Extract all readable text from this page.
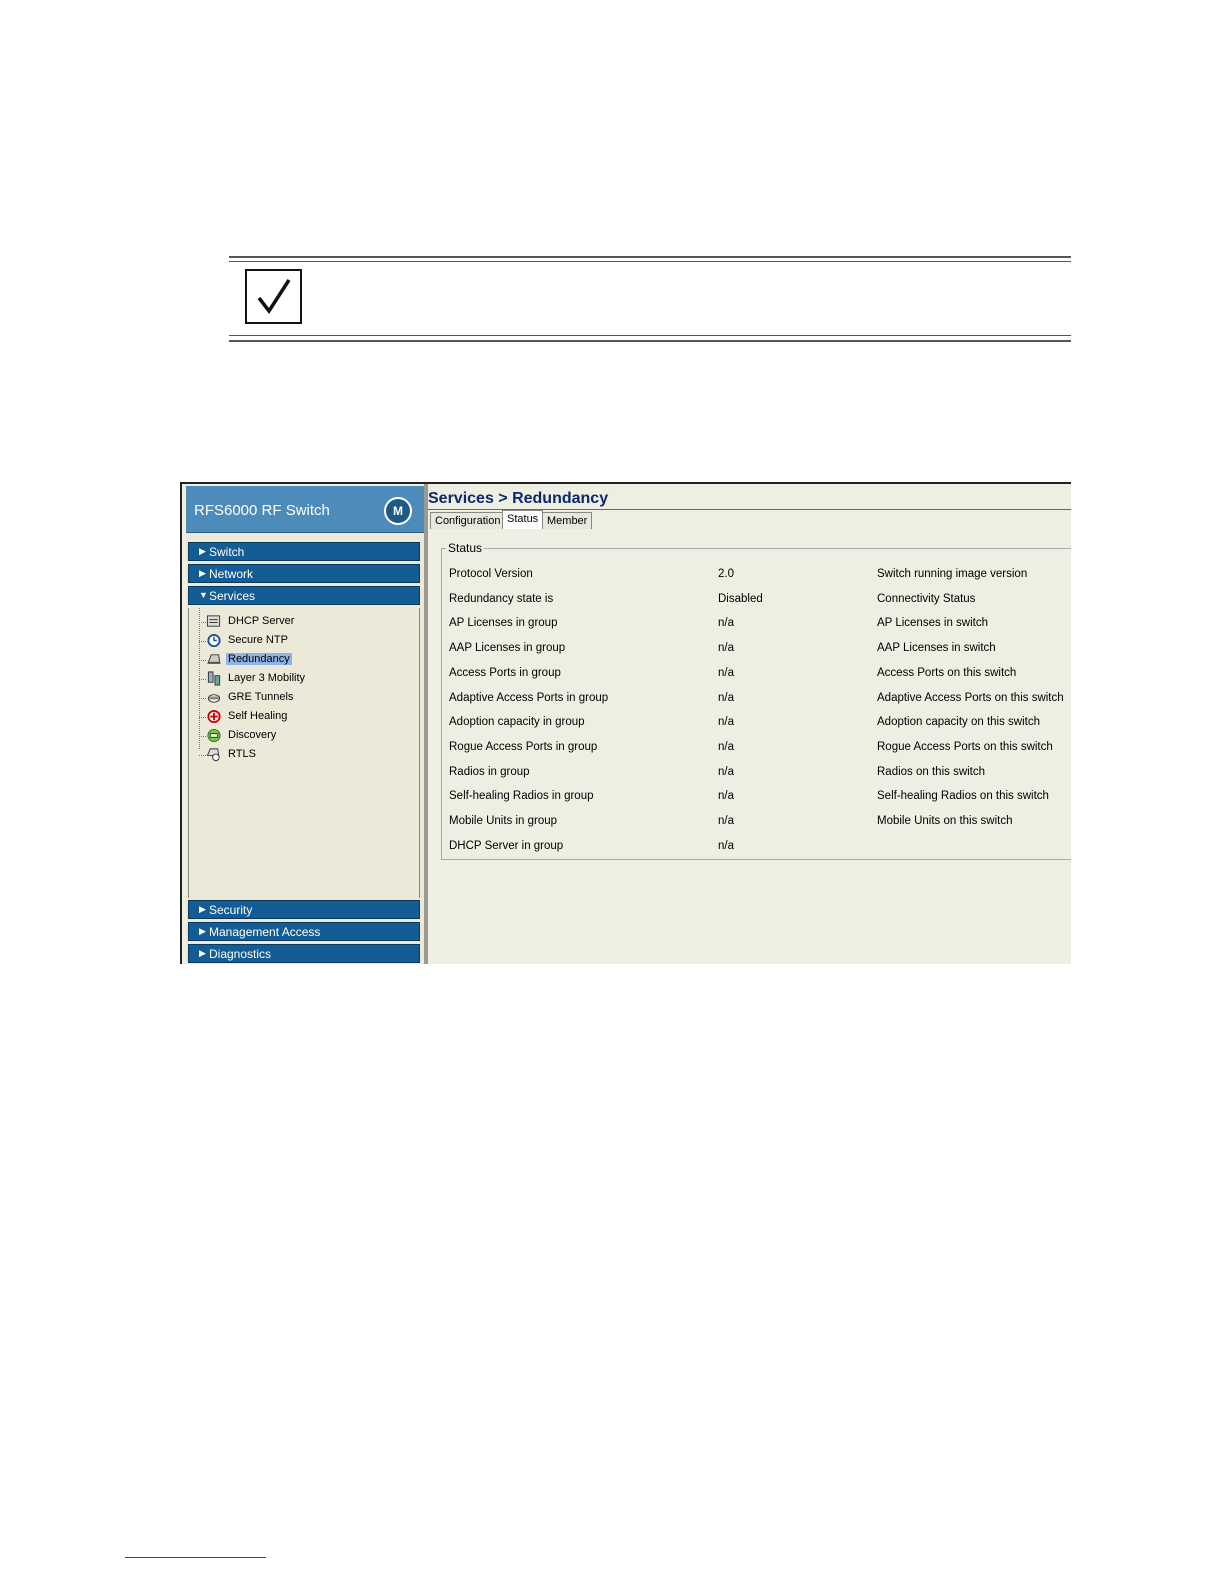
RFS6000 RF Switch	M
▶ Switch
▶ Network
▼ Services
DHCP Server
Secure NTP
Redundancy
Layer 3 Mobility
GRE Tunnels
Self Healing
Discovery
RTLS
▶ Security
▶ Management Access
▶ Diagnostics
Services > Redundancy
Configuration Status Member
Status
Protocol Version	2.0	Switch running image version
Redundancy state is	Disabled	Connectivity Status
AP Licenses in group	n/a	AP Licenses in switch
AAP Licenses in group	n/a	AAP Licenses in switch
Access Ports in group	n/a	Access Ports on this switch
Adaptive Access Ports in group	n/a	Adaptive Access Ports on this switch
Adoption capacity in group	n/a	Adoption capacity on this switch
Rogue Access Ports in group	n/a	Rogue Access Ports on this switch
Radios in group	n/a	Radios on this switch
Self-healing Radios in group	n/a	Self-healing Radios on this switch
Mobile Units in group	n/a	Mobile Units on this switch
DHCP Server in group	n/a
